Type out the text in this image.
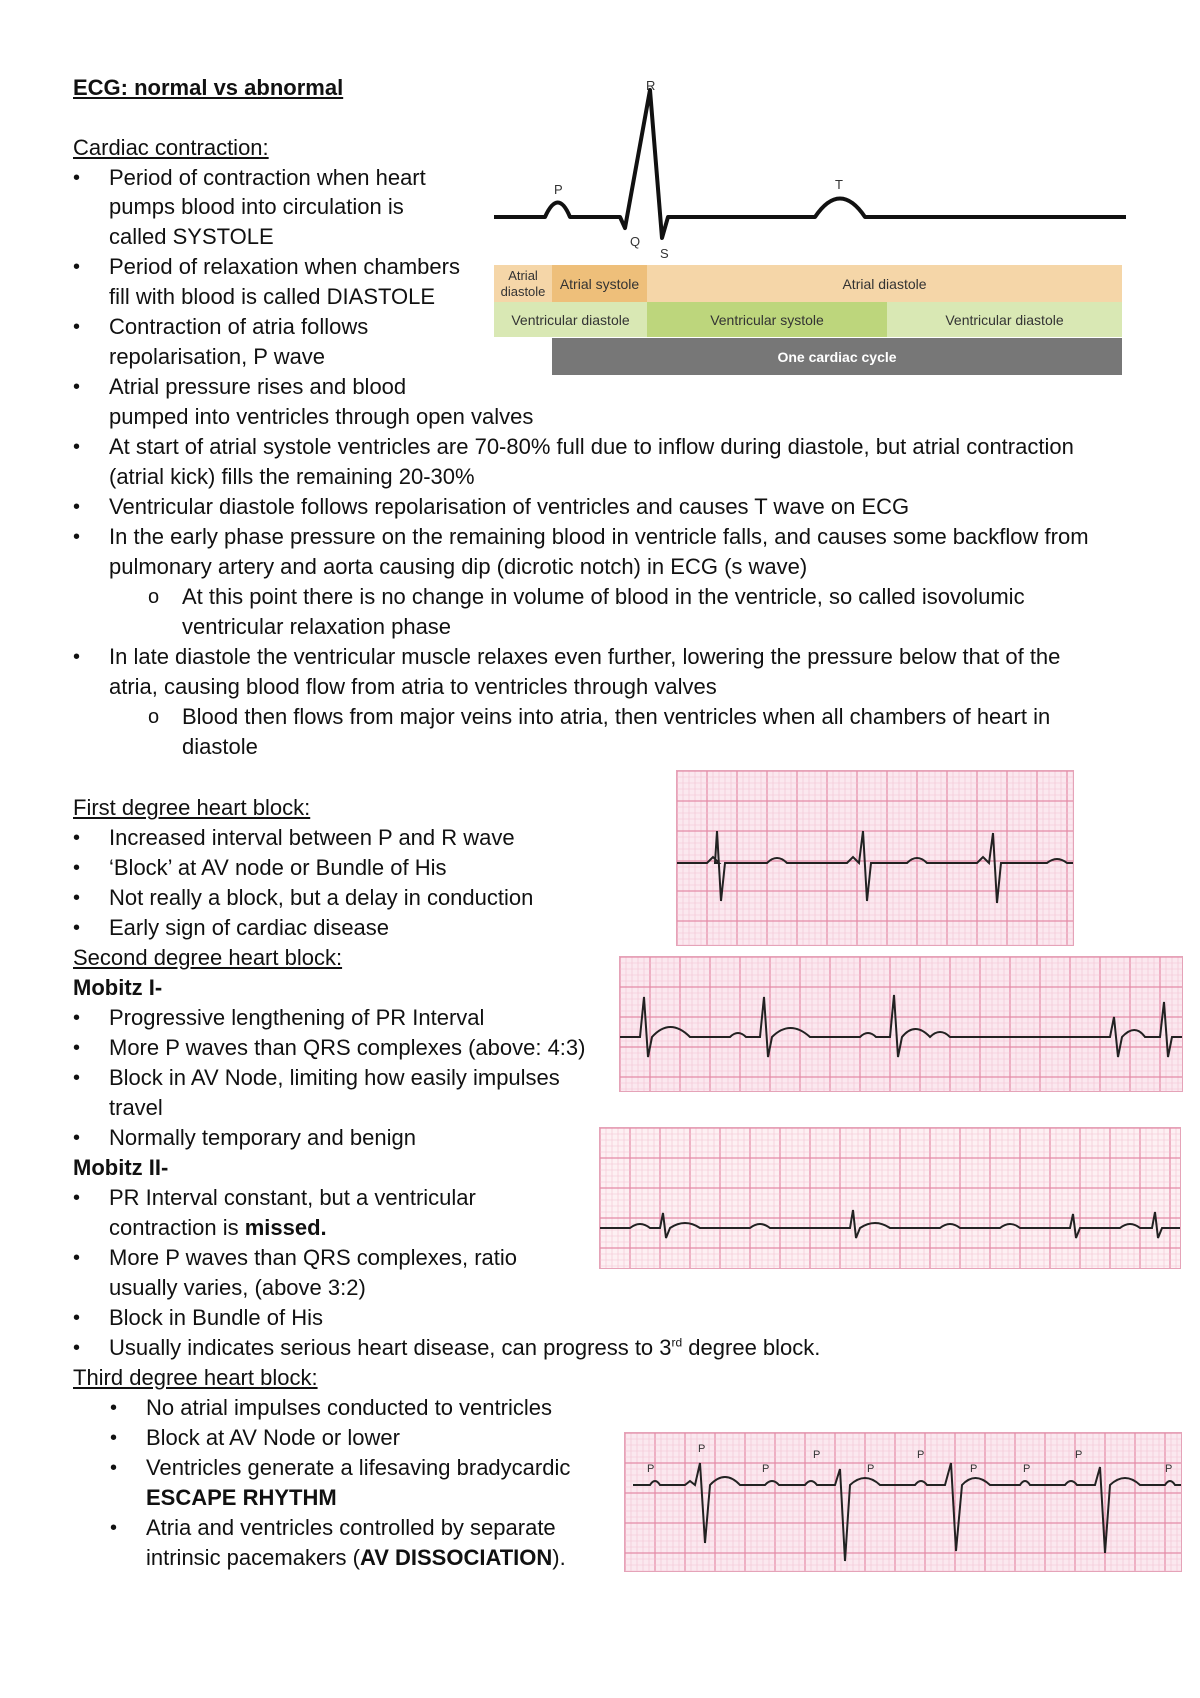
ECG: normal vs abnormal
Cardiac contraction:
• Period of contraction when heart
pumps blood into circulation is
called SYSTOLE
• Period of relaxation when chambers
fill with blood is called DIASTOLE
• Contraction of atria follows
repolarisation, P wave
• Atrial pressure rises and blood
pumped into ventricles through open valves
• At start of atrial systole ventricles are 70-80% full due to inflow during diastole, but atrial contraction
(atrial kick) fills the remaining 20-30%
• Ventricular diastole follows repolarisation of ventricles and causes T wave on ECG
• In the early phase pressure on the remaining blood in ventricle falls, and causes some backflow from
pulmonary artery and aorta causing dip (dicrotic notch) in ECG (s wave)
o At this point there is no change in volume of blood in the ventricle, so called isovolumic
ventricular relaxation phase
• In late diastole the ventricular muscle relaxes even further, lowering the pressure below that of the
atria, causing blood flow from atria to ventricles through valves
o Blood then flows from major veins into atria, then ventricles when all chambers of heart in
diastole
R
P	T
Q
S
Atrial diastole	Atrial systole	Atrial diastole
Ventricular diastole	Ventricular systole	Ventricular diastole
One cardiac cycle
First degree heart block:
• Increased interval between P and R wave
• ‘Block’ at AV node or Bundle of His
• Not really a block, but a delay in conduction
• Early sign of cardiac disease
Second degree heart block:
Mobitz I-
• Progressive lengthening of PR Interval
• More P waves than QRS complexes (above: 4:3)
• Block in AV Node, limiting how easily impulses
travel
• Normally temporary and benign
Mobitz II-
• PR Interval constant, but a ventricular
contraction is missed.
• More P waves than QRS complexes, ratio
usually varies, (above 3:2)
• Block in Bundle of His
• Usually indicates serious heart disease, can progress to 3rd degree block.
Third degree heart block:
• No atrial impulses conducted to ventricles
• Block at AV Node or lower
• Ventricles generate a lifesaving bradycardic
ESCAPE RHYTHM
• Atria and ventricles controlled by separate
intrinsic pacemakers (AV DISSOCIATION).
P
P
P
P
P
P
P	P
P
P
